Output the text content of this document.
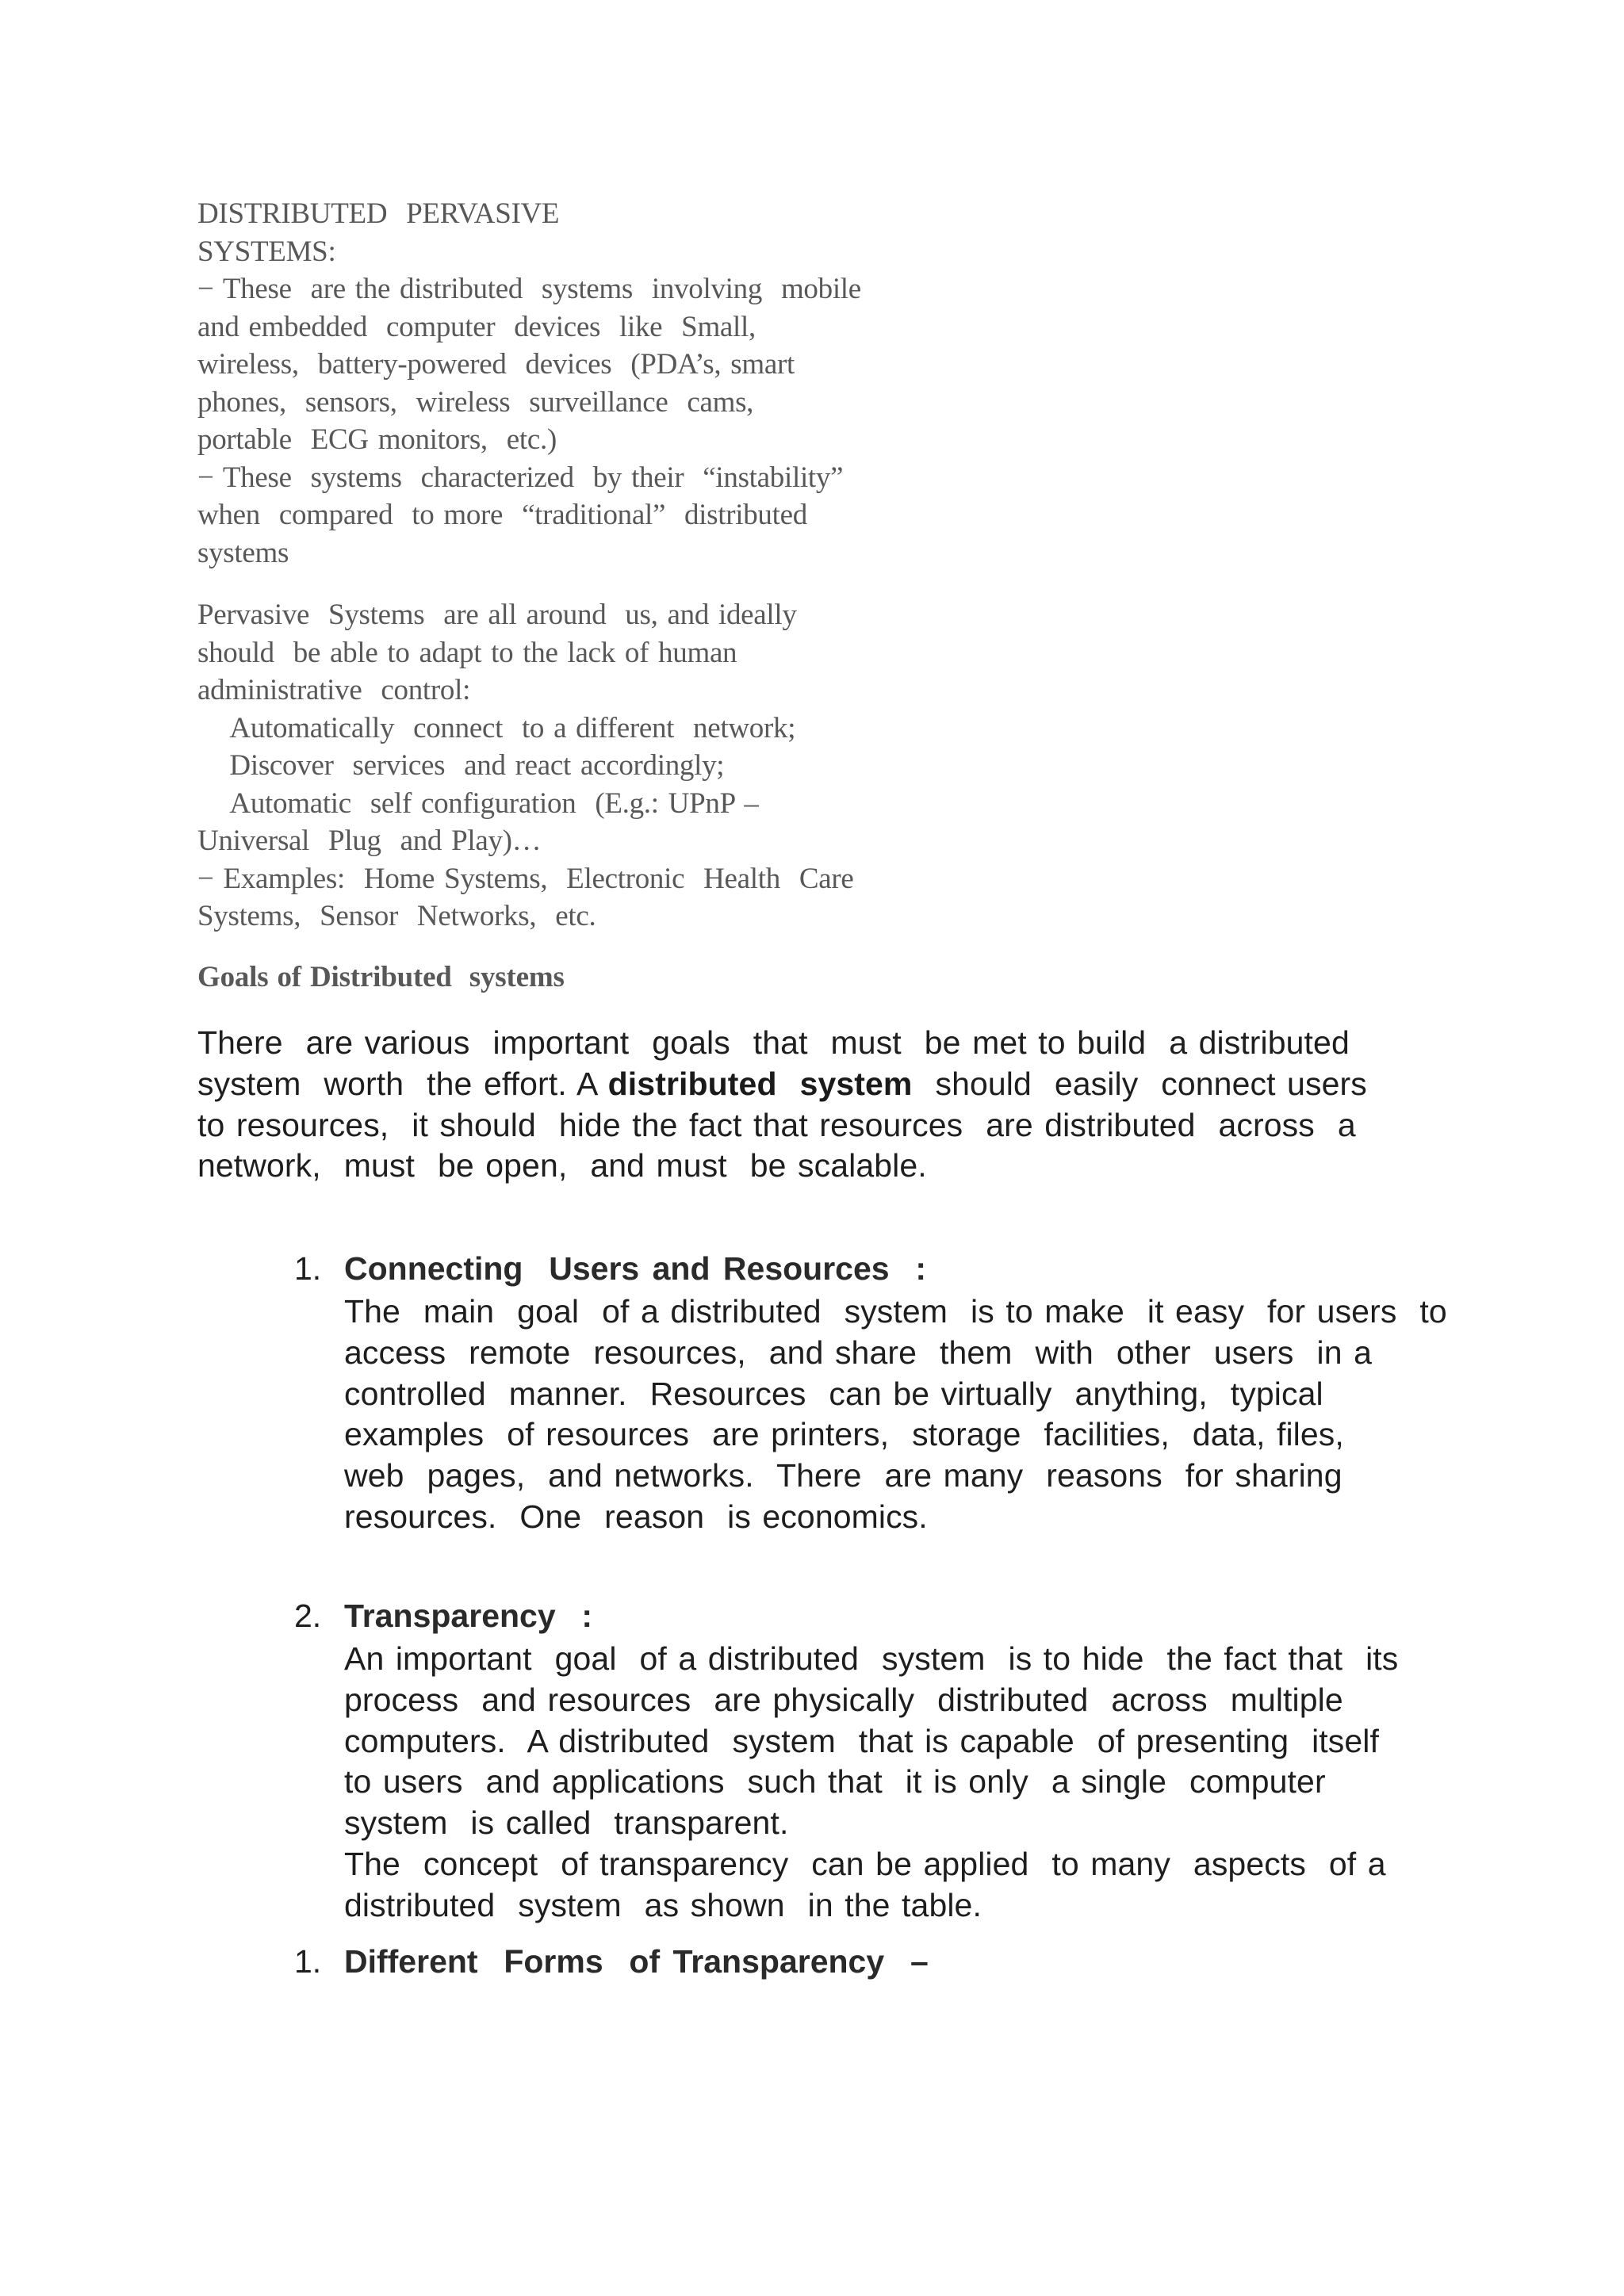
DISTRIBUTED  PERVASIVE
SYSTEMS:
− These  are the distributed  systems  involving  mobile
and embedded  computer  devices  like  Small,
wireless,  battery-powered  devices  (PDA’s, smart
phones,  sensors,  wireless  surveillance  cams,
portable  ECG monitors,  etc.)
− These  systems  characterized  by their  “instability”
when  compared  to more  “traditional”  distributed
systems
Pervasive  Systems  are all around  us, and ideally
should  be able to adapt to the lack of human
administrative  control:
Automatically  connect  to a different  network;
Discover  services  and react accordingly;
Automatic  self configuration  (E.g.: UPnP –
Universal  Plug  and Play)…
− Examples:  Home Systems,  Electronic  Health  Care
Systems,  Sensor  Networks,  etc.
Goals of Distributed  systems
There  are various  important  goals  that  must  be met to build  a distributed
system  worth  the effort. A distributed  system  should  easily  connect users
to resources,  it should  hide the fact that resources  are distributed  across  a
network,  must  be open,  and must  be scalable.
1. Connecting  Users and Resources  :
The  main  goal  of a distributed  system  is to make  it easy  for users  to
access  remote  resources,  and share  them  with  other  users  in a
controlled  manner.  Resources  can be virtually  anything,  typical
examples  of resources  are printers,  storage  facilities,  data, files,
web  pages,  and networks.  There  are many  reasons  for sharing
resources.  One  reason  is economics.
2. Transparency  :
An important  goal  of a distributed  system  is to hide  the fact that  its
process  and resources  are physically  distributed  across  multiple
computers.  A distributed  system  that is capable  of presenting  itself
to users  and applications  such that  it is only  a single  computer
system  is called  transparent.
The  concept  of transparency  can be applied  to many  aspects  of a
distributed  system  as shown  in the table.
1. Different  Forms  of Transparency  –
